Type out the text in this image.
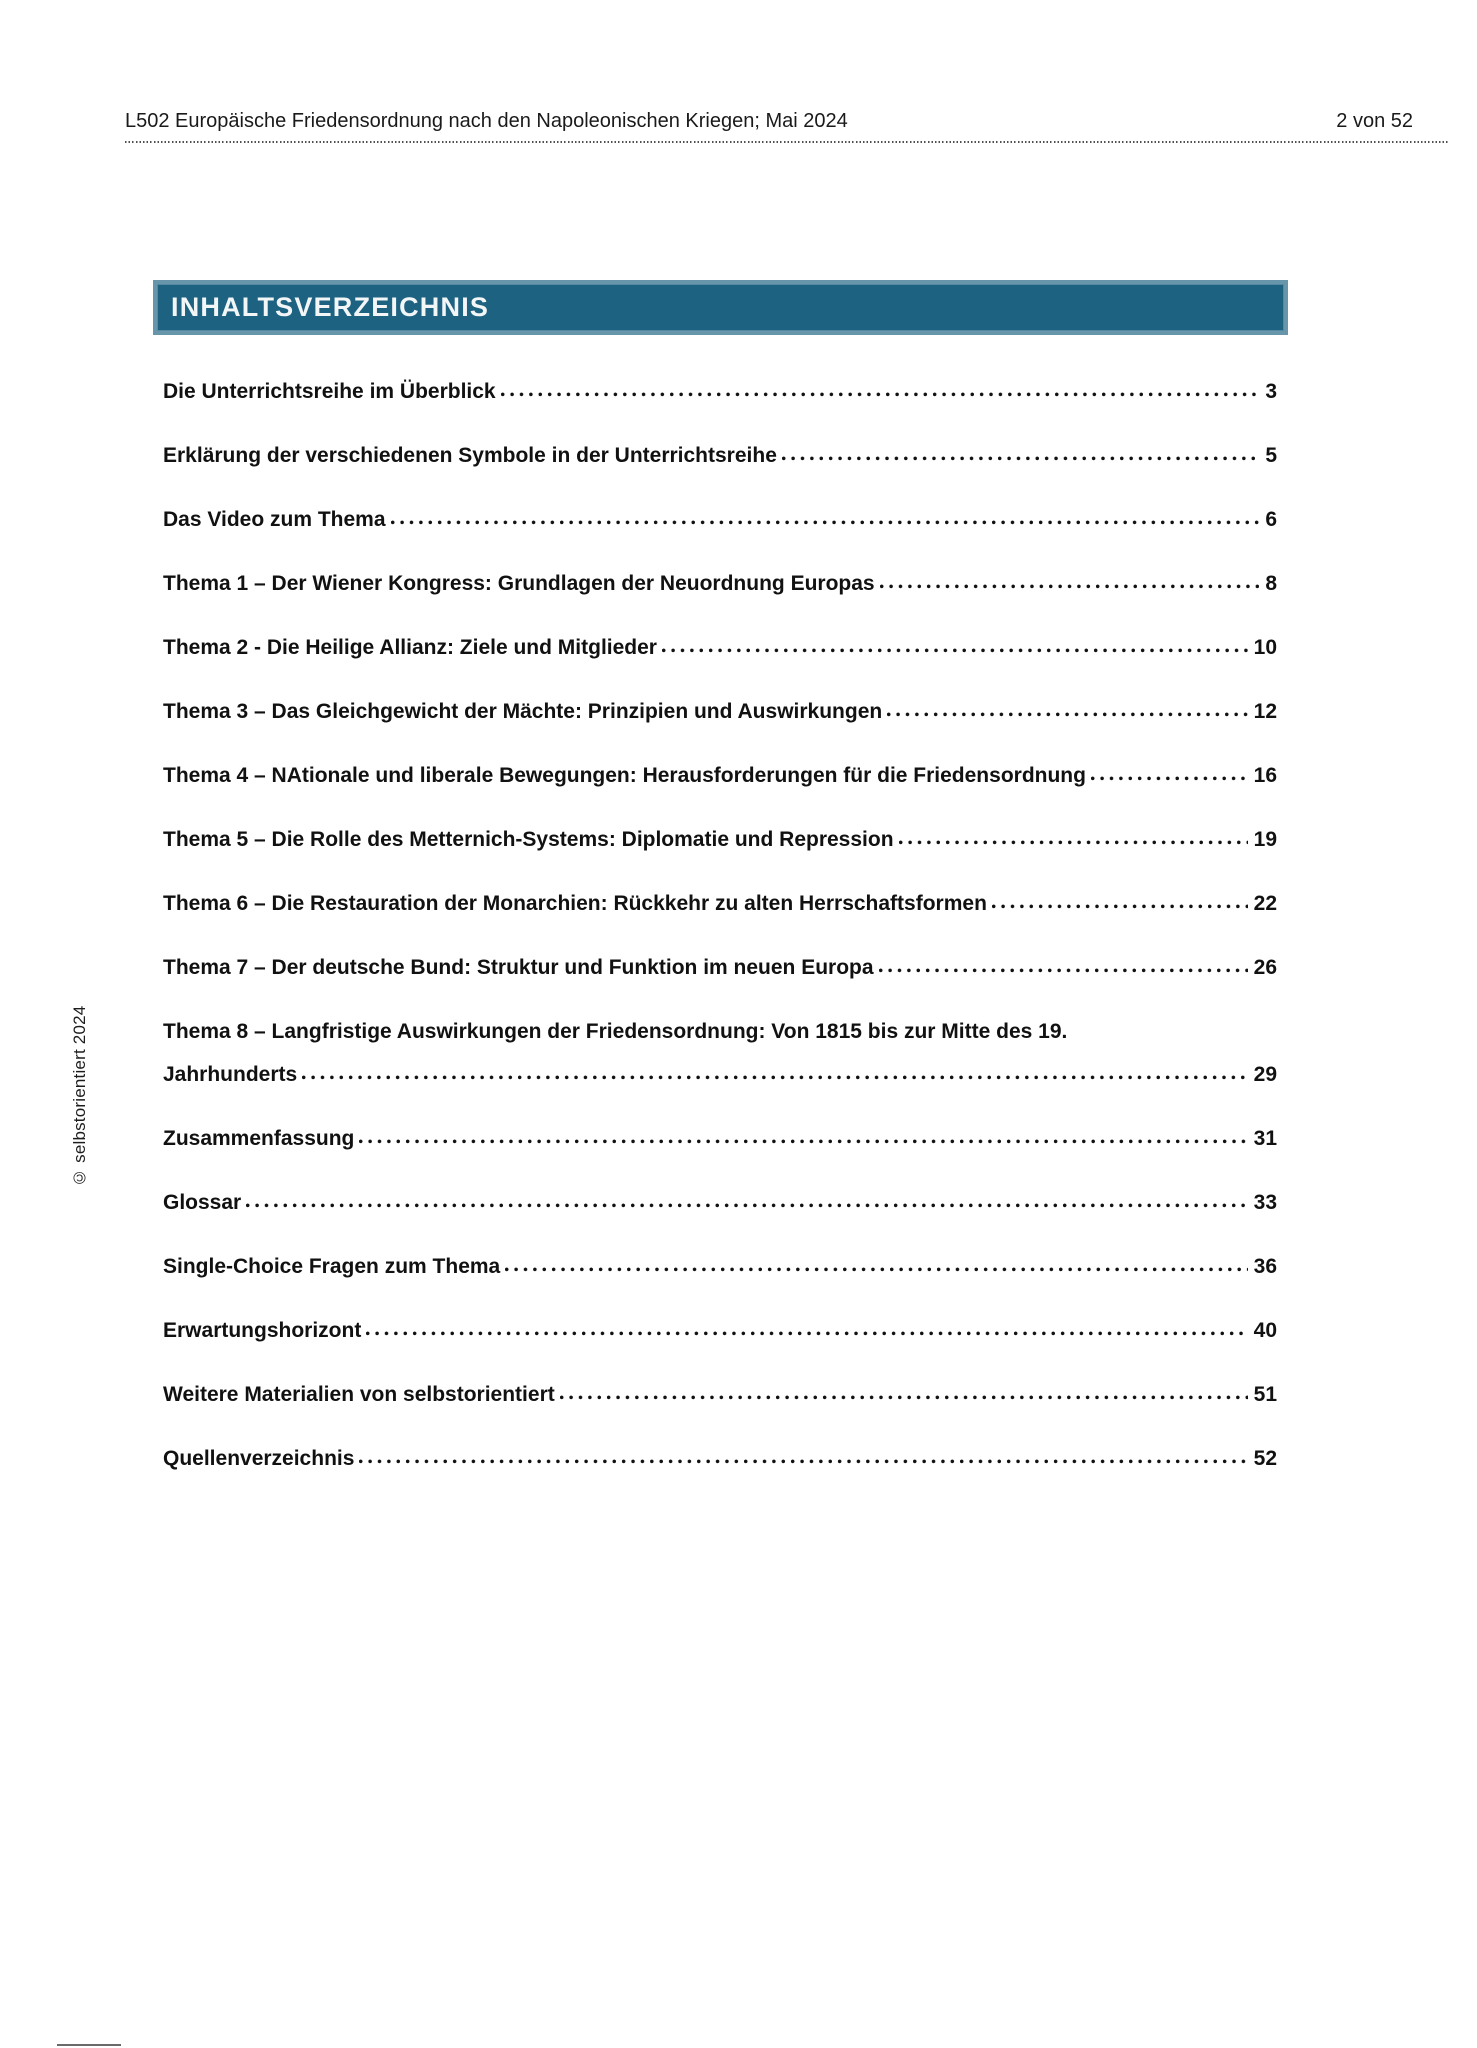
L502 Europäische Friedensordnung nach den Napoleonischen Kriegen; Mai 2024	2 von 52
© selbstorientiert 2024
INHALTSVERZEICHNIS
Die Unterrichtsreihe im Überblick	3
Erklärung der verschiedenen Symbole in der Unterrichtsreihe	5
Das Video zum Thema	6
Thema 1 – Der Wiener Kongress: Grundlagen der Neuordnung Europas	8
Thema 2 - Die Heilige Allianz: Ziele und Mitglieder	10
Thema 3 – Das Gleichgewicht der Mächte: Prinzipien und Auswirkungen	12
Thema 4 – NAtionale und liberale Bewegungen: Herausforderungen für die Friedensordnung	16
Thema 5 – Die Rolle des Metternich-Systems: Diplomatie und Repression	19
Thema 6 – Die Restauration der Monarchien: Rückkehr zu alten Herrschaftsformen	22
Thema 7 – Der deutsche Bund: Struktur und Funktion im neuen Europa	26
Thema 8 – Langfristige Auswirkungen der Friedensordnung: Von 1815 bis zur Mitte des 19.
Jahrhunderts	29
Zusammenfassung	31
Glossar	33
Single-Choice Fragen zum Thema	36
Erwartungshorizont	40
Weitere Materialien von selbstorientiert	51
Quellenverzeichnis	52
